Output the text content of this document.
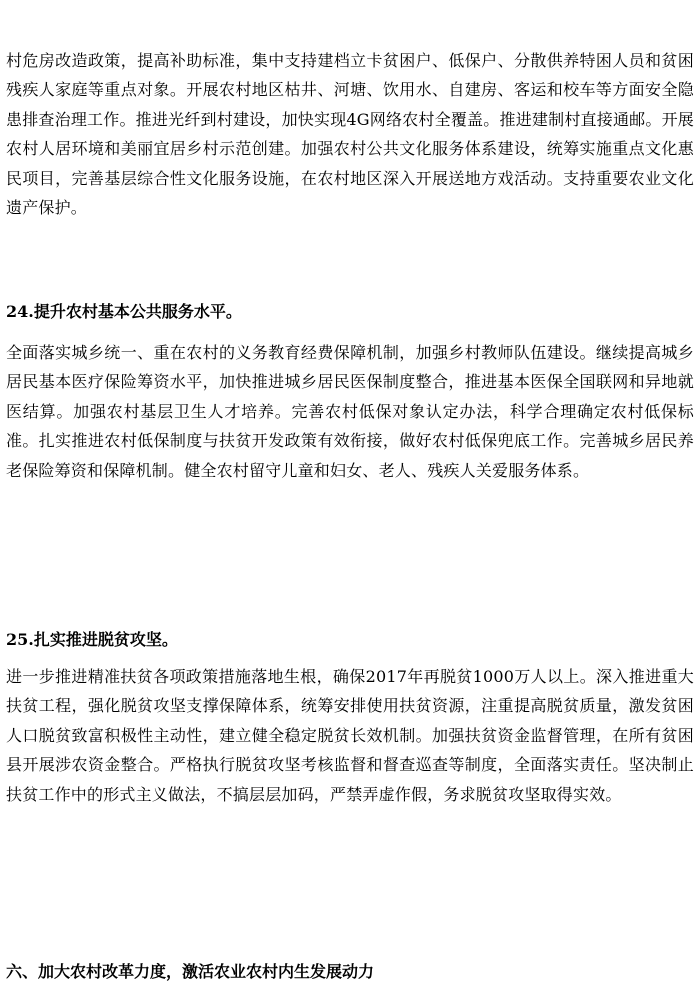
村危房改造政策，提高补助标准，集中支持建档立卡贫困户、低保户、分散供养特困人员和贫困残疾人家庭等重点对象。开展农村地区枯井、河塘、饮用水、自建房、客运和校车等方面安全隐患排查治理工作。推进光纤到村建设，加快实现4G网络农村全覆盖。推进建制村直接通邮。开展农村人居环境和美丽宜居乡村示范创建。加强农村公共文化服务体系建设，统筹实施重点文化惠民项目，完善基层综合性文化服务设施，在农村地区深入开展送地方戏活动。支持重要农业文化遗产保护。

24.提升农村基本公共服务水平。

全面落实城乡统一、重在农村的义务教育经费保障机制，加强乡村教师队伍建设。继续提高城乡居民基本医疗保险筹资水平，加快推进城乡居民医保制度整合，推进基本医保全国联网和异地就医结算。加强农村基层卫生人才培养。完善农村低保对象认定办法，科学合理确定农村低保标准。扎实推进农村低保制度与扶贫开发政策有效衔接，做好农村低保兜底工作。完善城乡居民养老保险筹资和保障机制。健全农村留守儿童和妇女、老人、残疾人关爱服务体系。

25.扎实推进脱贫攻坚。

进一步推进精准扶贫各项政策措施落地生根，确保2017年再脱贫1000万人以上。深入推进重大扶贫工程，强化脱贫攻坚支撑保障体系，统筹安排使用扶贫资源，注重提高脱贫质量，激发贫困人口脱贫致富积极性主动性，建立健全稳定脱贫长效机制。加强扶贫资金监督管理，在所有贫困县开展涉农资金整合。严格执行脱贫攻坚考核监督和督查巡查等制度，全面落实责任。坚决制止扶贫工作中的形式主义做法，不搞层层加码，严禁弄虚作假，务求脱贫攻坚取得实效。

六、加大农村改革力度，激活农业农村内生发展动力
